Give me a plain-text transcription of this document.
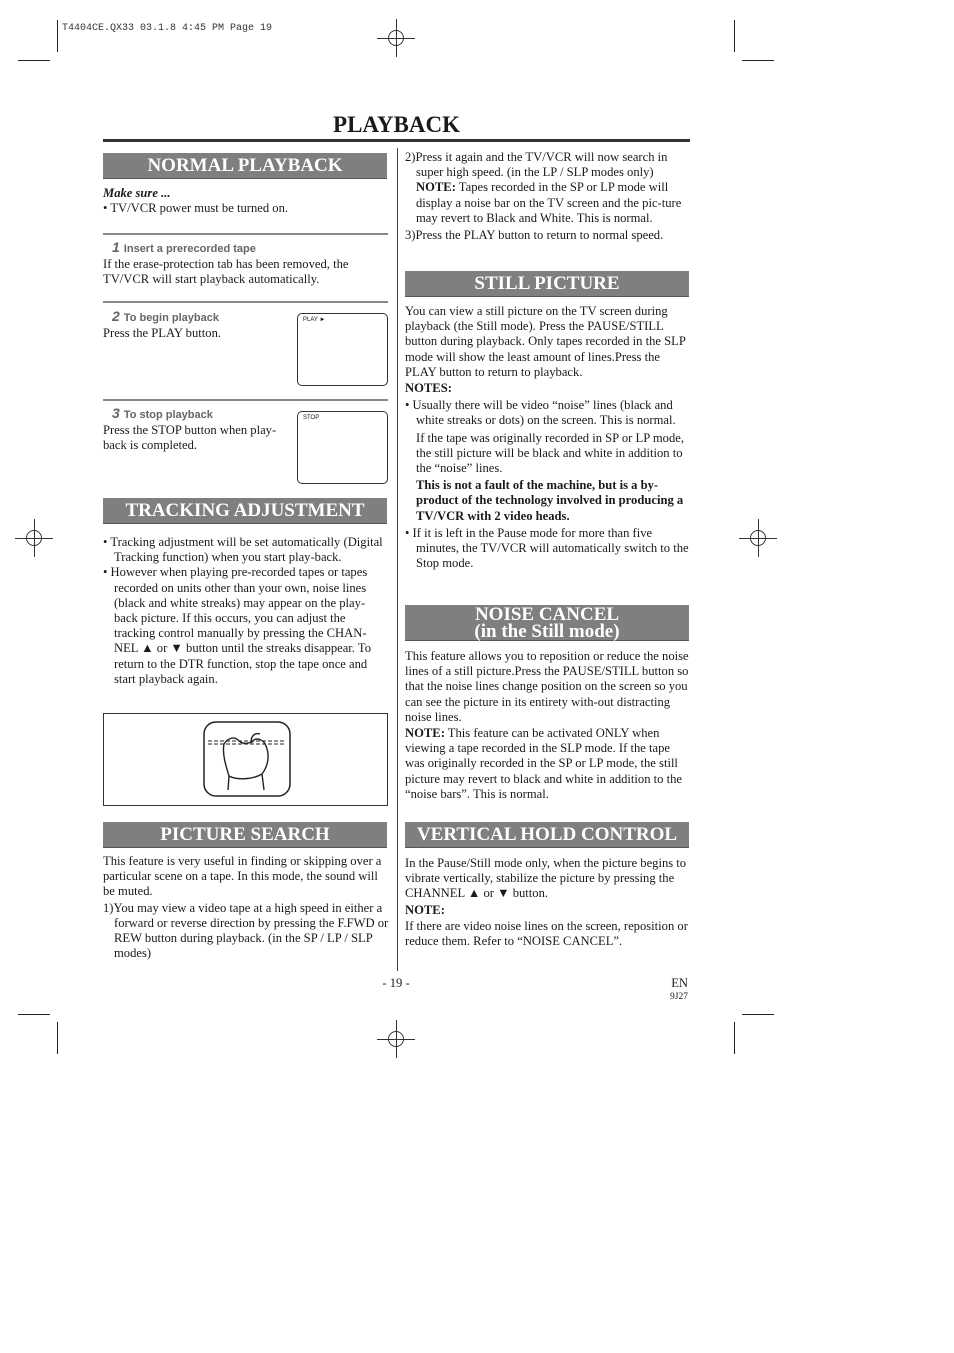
T4404CE.QX33 03.1.8 4:45 PM Page 19
PLAYBACK
NORMAL PLAYBACK

Make sure ...

• TV/VCR power must be turned on.

1 Insert a prerecorded tape
If the erase-protection tab has been removed, the TV/VCR will start playback automatically.
2 To begin playback
Press the PLAY button.
PLAY ►
3 To stop playback
Press the STOP button when play-back is completed.
STOP
TRACKING ADJUSTMENT

• Tracking adjustment will be set automatically (Digital Tracking function) when you start play-back.

• However when playing pre-recorded tapes or tapes recorded on units other than your own, noise lines (black and white streaks) may appear on the play-back picture. If this occurs, you can adjust the tracking control manually by pressing the CHAN-NEL ▲ or ▼ button until the streaks disappear. To return to the DTR function, stop the tape once and start playback again.

PICTURE SEARCH

This feature is very useful in finding or skipping over a particular scene on a tape. In this mode, the sound will be muted.

1)You may view a video tape at a high speed in either a forward or reverse direction by pressing the F.FWD or REW button during playback. (in the SP / LP / SLP modes)

2)Press it again and the TV/VCR will now search in super high speed. (in the LP / SLP modes only)

NOTE: Tapes recorded in the SP or LP mode will display a noise bar on the TV screen and the pic-ture may revert to Black and White. This is normal.

3)Press the PLAY button to return to normal speed.

STILL PICTURE

You can view a still picture on the TV screen during playback (the Still mode). Press the PAUSE/STILL button during playback. Only tapes recorded in the SLP mode will show the least amount of lines.Press the PLAY button to return to playback.

NOTES:

• Usually there will be video “noise” lines (black and white streaks or dots) on the screen. This is normal.

If the tape was originally recorded in SP or LP mode, the still picture will be black and white in addition to the “noise” lines.

This is not a fault of the machine, but is a by-product of the technology involved in producing a TV/VCR with 2 video heads.

• If it is left in the Pause mode for more than five minutes, the TV/VCR will automatically switch to the Stop mode.

NOISE CANCEL
(in the Still mode)

This feature allows you to reposition or reduce the noise lines of a still picture.Press the PAUSE/STILL button so that the noise lines change position on the screen so you can see the picture in its entirety with-out distracting noise lines.

NOTE: This feature can be activated ONLY when viewing a tape recorded in the SLP mode. If the tape was originally recorded in the SP or LP mode, the still picture may revert to black and white in addition to the “noise bars”. This is normal.

VERTICAL HOLD CONTROL

In the Pause/Still mode only, when the picture begins to vibrate vertically, stabilize the picture by pressing the CHANNEL ▲ or ▼ button.

NOTE:

If there are video noise lines on the screen, reposition or reduce them. Refer to “NOISE CANCEL”.

- 19 -	EN
9J27
